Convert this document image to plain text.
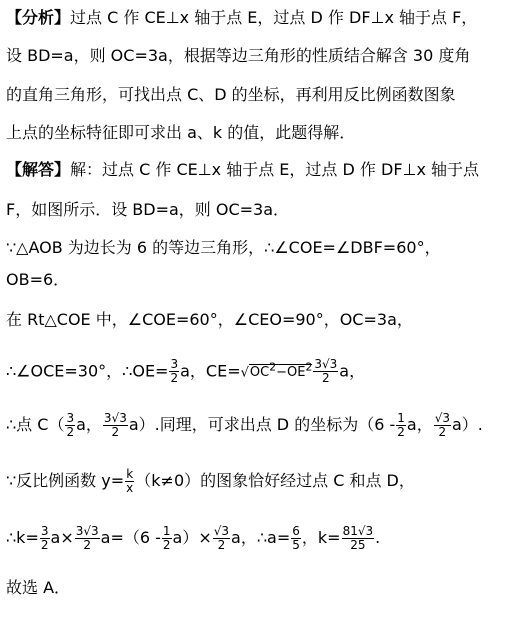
【分析】过点 C 作 CE⊥x 轴于点 E，过点 D 作 DF⊥x 轴于点 F，
设 BD=a，则 OC=3a，根据等边三角形的性质结合解含 30 度角
的直角三角形，可找出点 C、D 的坐标，再利用反比例函数图象
上点的坐标特征即可求出 a、k 的值，此题得解．
【解答】解：过点 C 作 CE⊥x 轴于点 E，过点 D 作 DF⊥x 轴于点
F，如图所示．设 BD=a，则 OC=3a．
∵△AOB 为边长为 6 的等边三角形，∴∠COE=∠DBF=60°，
OB=6．
在 Rt△COE 中，∠COE=60°，∠CEO=90°，OC=3a，
∴∠OCE=30°，∴OE= $\frac{3}{2}$ a，$CE=√OC^2-OE^2 \frac{3√3}{2}$ a，
∴点 $C( \frac{3}{2}$ a， $\frac{3√3}{2} a$）.同理，可求出点 D 的坐标为（$6 - \frac{1}{2}$ a， $\frac{√3}{2} a$）.
∵反比例函数 $y= \frac{k}{x} (k\ne 0)$的图象恰好经过点 C 和点 D，
∴k= $\frac{3}{2} a\times \frac{3√3}{2} a=(6 - \frac{1}{2} a)\times \frac{√3}{2}$ a，∴a= $\frac{6}{5}$ ，$k= \frac{81√3}{25}$ .
故选 A．
